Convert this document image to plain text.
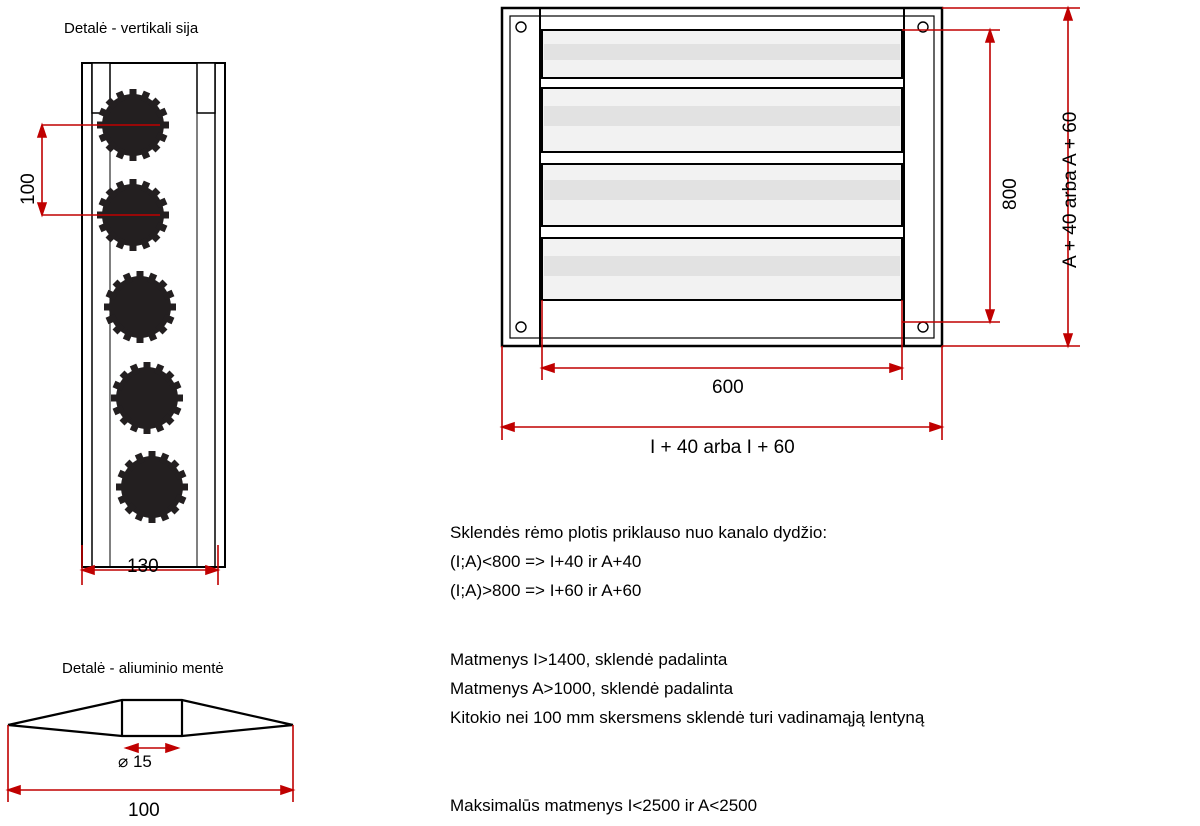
Detalė - vertikali sija
100
130
Detalė - aliuminio mentė
⌀ 15
100
800 A + 40 arba A + 60
600
I + 40 arba I + 60
Sklendės rėmo plotis priklauso nuo kanalo dydžio:
(I;A)<800 => I+40 ir A+40
(I;A)>800 => I+60 ir A+60
Matmenys I>1400, sklendė padalinta
Matmenys A>1000, sklendė padalinta
Kitokio nei 100 mm skersmens sklendė turi vadinamąją lentyną
Maksimalūs matmenys I<2500 ir A<2500
